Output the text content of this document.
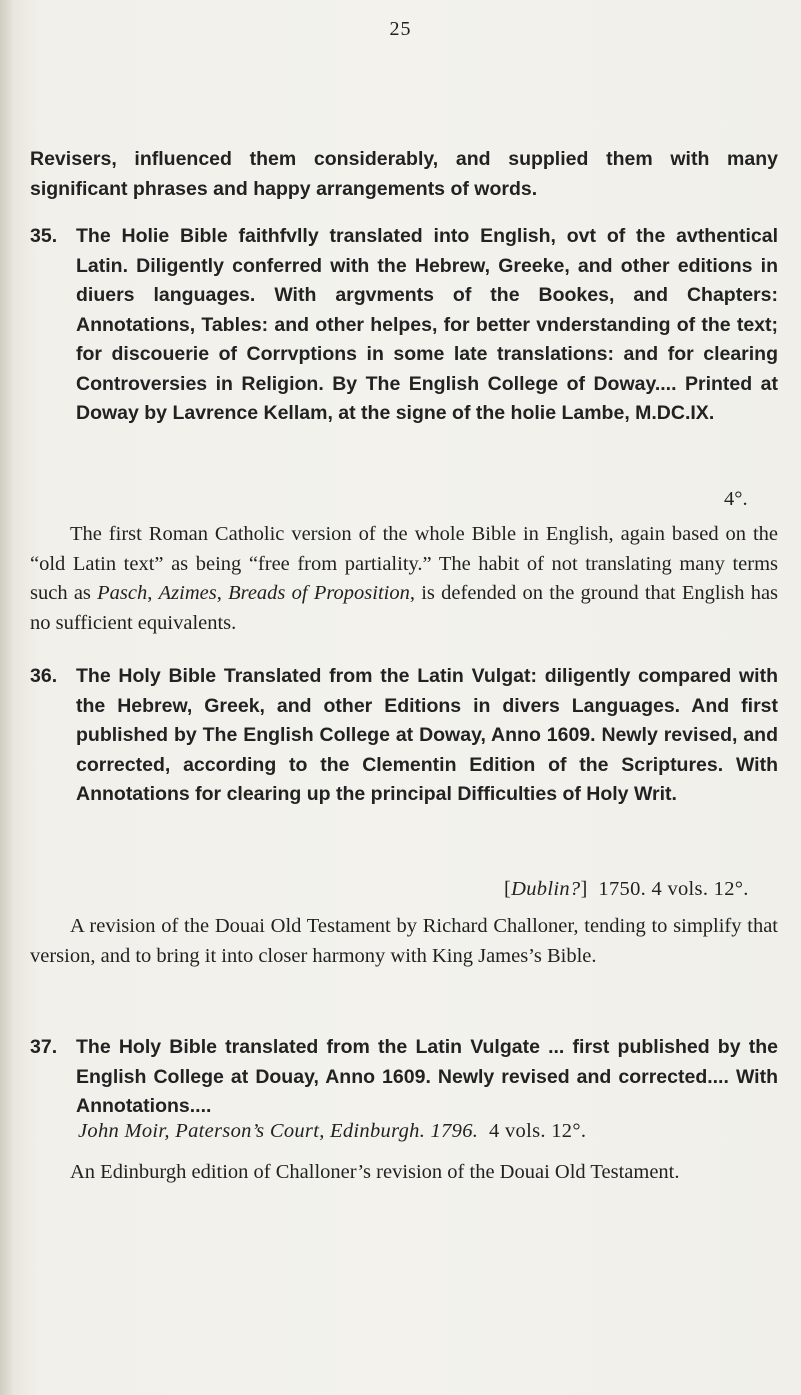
25

Revisers, influenced them considerably, and supplied them with many significant phrases and happy arrangements of words.

35. The Holie Bible faithfvlly translated into English, ovt of the avthentical Latin. Diligently conferred with the Hebrew, Greeke, and other editions in diuers languages. With argvments of the Bookes, and Chapters: Annotations, Tables: and other helpes, for better vnderstanding of the text; for discouerie of Corrvptions in some late translations: and for clearing Controversies in Religion. By The English College of Doway.... Printed at Doway by Lavrence Kellam, at the signe of the holie Lambe, M.DC.IX.
4°.

The first Roman Catholic version of the whole Bible in English, again based on the “old Latin text” as being “free from partiality.” The habit of not translating many terms such as Pasch, Azimes, Breads of Proposition, is defended on the ground that English has no sufficient equivalents.

36. The Holy Bible Translated from the Latin Vulgat: diligently compared with the Hebrew, Greek, and other Editions in divers Languages. And first published by The English College at Doway, Anno 1609. Newly revised, and corrected, according to the Clementin Edition of the Scriptures. With Annotations for clearing up the principal Difficulties of Holy Writ.
[Dublin?]  1750. 4 vols. 12°.

A revision of the Douai Old Testament by Richard Challoner, tending to simplify that version, and to bring it into closer harmony with King James’s Bible.

37. The Holy Bible translated from the Latin Vulgate ... first published by the English College at Douay, Anno 1609. Newly revised and corrected.... With Annotations....
John Moir, Paterson’s Court, Edinburgh. 1796. 4 vols. 12°.

An Edinburgh edition of Challoner’s revision of the Douai Old Testament.
